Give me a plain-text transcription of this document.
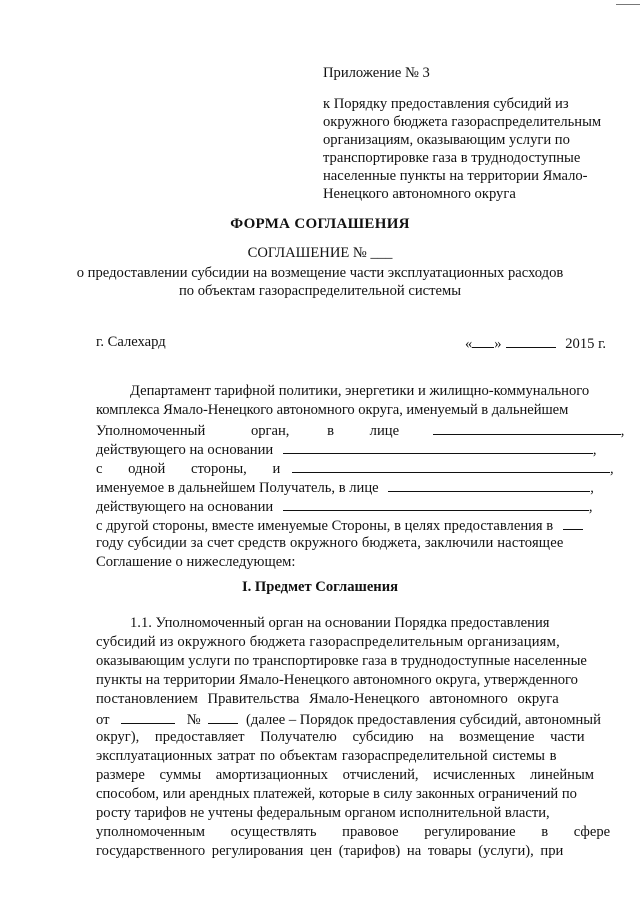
Приложение № 3
к Порядку предоставления субсидий из
окружного бюджета газораспределительным
организациям, оказывающим услуги по
транспортировке газа в труднодоступные
населенные пункты на территории Ямало-
Ненецкого автономного округа
ФОРМА СОГЛАШЕНИЯ
СОГЛАШЕНИЕ № ___
о предоставлении субсидии на возмещение части эксплуатационных расходов
по объектам газораспределительной системы
г. Салехард	« »	2015 г.
Департамент тарифной политики, энергетики и жилищно-коммунального
комплекса Ямало-Ненецкого автономного округа, именуемый в дальнейшем
Уполномоченный	орган,	в лице	,
действующего на основании	,
с одной стороны, и	,
именуемое в дальнейшем Получатель, в лице	,
действующего на основании	,
с другой стороны, вместе именуемые Стороны, в целях предоставления в
году субсидии за счет средств окружного бюджета, заключили настоящее
Соглашение о нижеследующем:
I. Предмет Соглашения
1.1. Уполномоченный орган на основании Порядка предоставления
субсидий из окружного бюджета газораспределительным организациям,
оказывающим услуги по транспортировке газа в труднодоступные населенные
пункты на территории Ямало-Ненецкого автономного округа, утвержденного
постановлением Правительства Ямало-Ненецкого автономного округа
от	№	(далее – Порядок предоставления субсидий, автономный
округ), предоставляет Получателю субсидию на возмещение части
эксплуатационных затрат по объектам газораспределительной системы в
размере суммы амортизационных отчислений, исчисленных линейным
способом, или арендных платежей, которые в силу законных ограничений по
росту тарифов не учтены федеральным органом исполнительной власти,
уполномоченным осуществлять правовое регулирование в сфере
государственного регулирования цен (тарифов) на товары (услуги), при
